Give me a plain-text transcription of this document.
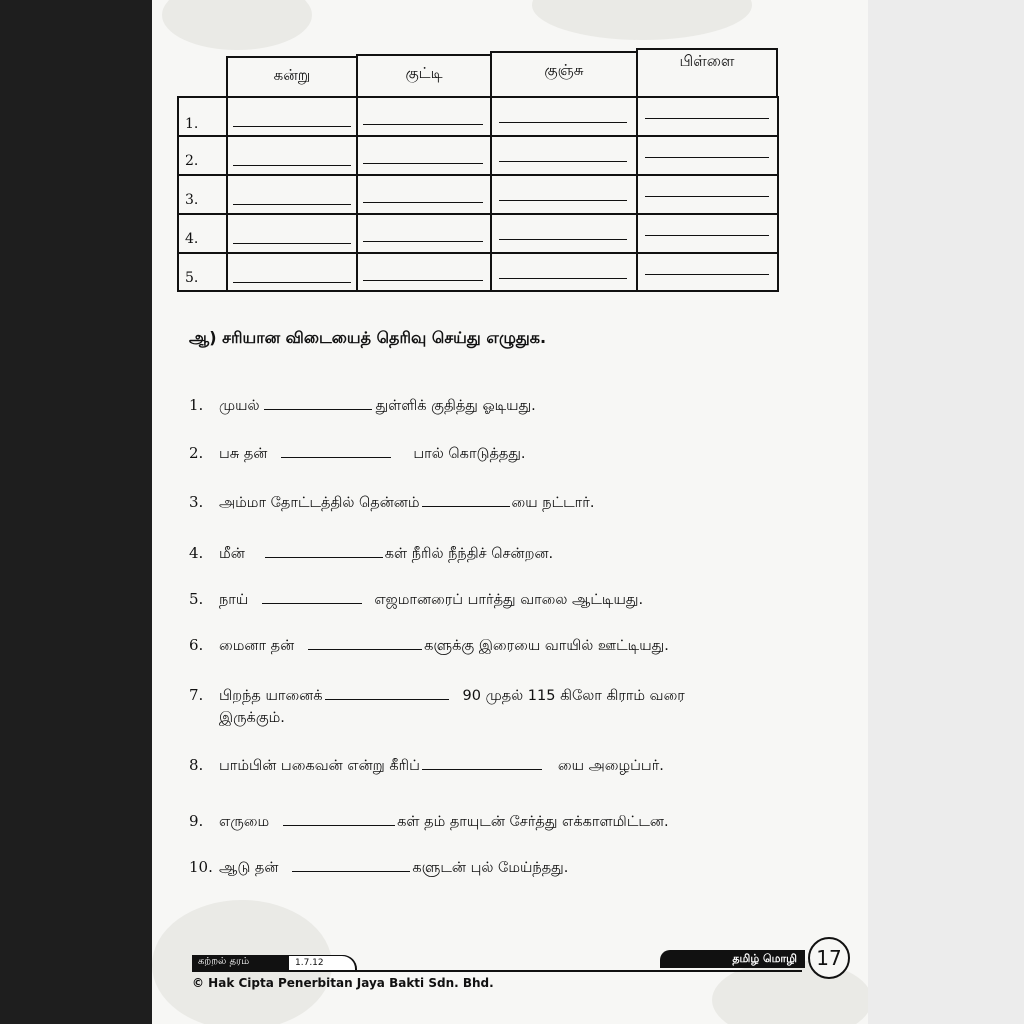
கன்று	குட்டி	குஞ்சு	பிள்ளை
1.
2.
3.
4.
5.
ஆ) சரியான விடையைத் தெரிவு செய்து எழுதுக.
1. முயல்	துள்ளிக் குதித்து ஓடியது.
2. பசு தன்	பால் கொடுத்தது.
3. அம்மா தோட்டத்தில் தென்னம்	யை நட்டார்.
4. மீன்	கள் நீரில் நீந்திச் சென்றன.
5. நாய்	எஜமானரைப் பார்த்து வாலை ஆட்டியது.
6. மைனா தன்	களுக்கு இரையை வாயில் ஊட்டியது.
7. பிறந்த யானைக்	90 முதல் 115 கிலோ கிராம் வரை
இருக்கும்.
8. பாம்பின் பகைவன் என்று கீரிப்	யை அழைப்பர்.
9. எருமை	கள் தம் தாயுடன் சேர்த்து எக்காளமிட்டன.
10. ஆடு தன்	களுடன் புல் மேய்ந்தது.
கற்றல் தரம்	1.7.12	தமிழ் மொழி 17
© Hak Cipta Penerbitan Jaya Bakti Sdn. Bhd.
